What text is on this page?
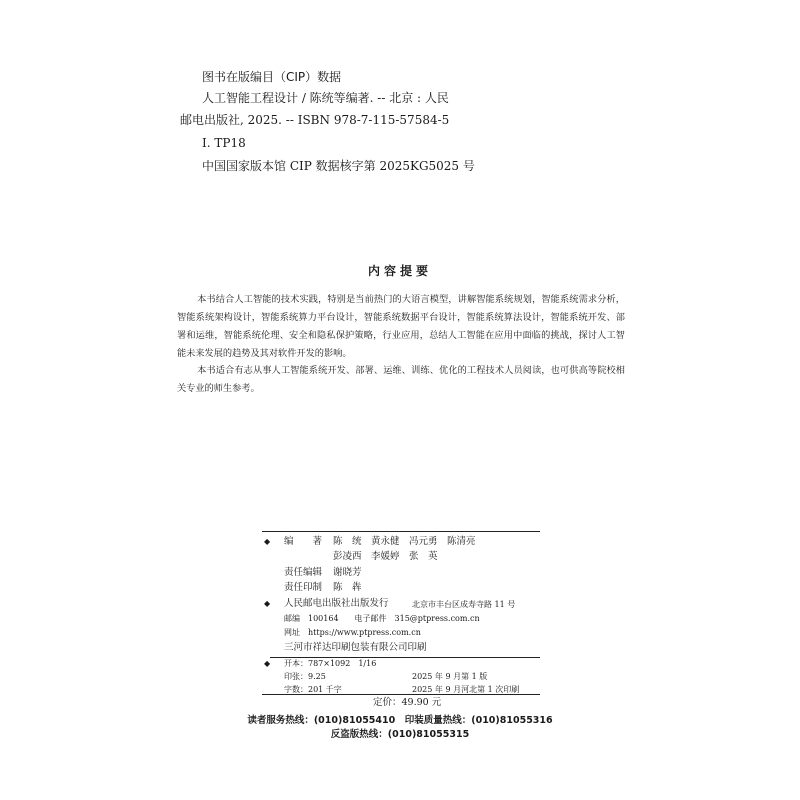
图书在版编目（CIP）数据
人工智能工程设计 / 陈统等编著. -- 北京 : 人民
邮电出版社, 2025. -- ISBN 978-7-115-57584-5
I. TP18
中国国家版本馆 CIP 数据核字第 2025KG5025 号
内容提要
本书结合人工智能的技术实践，特别是当前热门的大语言模型，讲解智能系统规划，智能系统需求分析，智能系统架构设计，智能系统算力平台设计，智能系统数据平台设计，智能系统算法设计，智能系统开发、部署和运维，智能系统伦理、安全和隐私保护策略，行业应用，总结人工智能在应用中面临的挑战，探讨人工智能未来发展的趋势及其对软件开发的影响。
本书适合有志从事人工智能系统开发、部署、运维、训练、优化的工程技术人员阅读，也可供高等院校相关专业的师生参考。
◆ 编　　著 陈　统　黄永健　冯元勇　陈清亮
彭凌西　李媛婷　张　英
责任编辑 谢晓芳
责任印制 陈　犇
◆ 人民邮电出版社出版发行	北京市丰台区成寿寺路 11 号
邮编　100164　　电子邮件　315@ptpress.com.cn
网址　https://www.ptpress.com.cn
三河市祥达印刷包装有限公司印刷
◆ 开本：787×1092　1/16
印张：9.25	2025 年 9 月第 1 版
字数：201 千字	2025 年 9 月河北第 1 次印刷
定价：49.90 元
读者服务热线：(010)81055410　印装质量热线：(010)81055316
反盗版热线：(010)81055315
